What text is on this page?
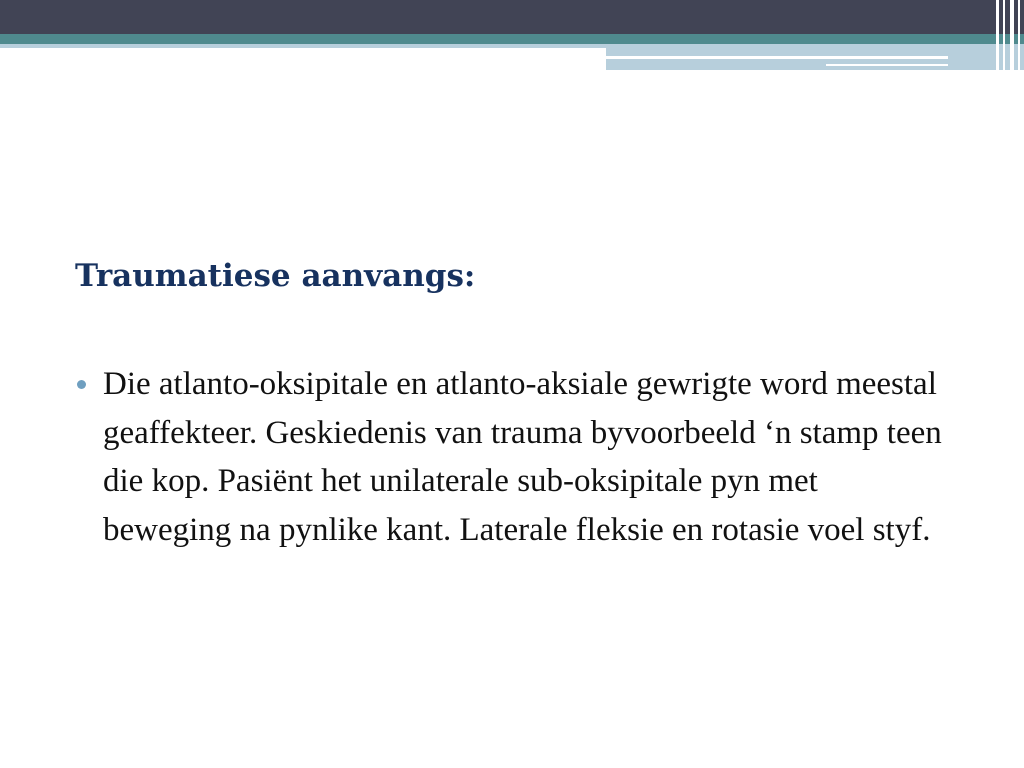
Traumatiese aanvangs:
Die atlanto-oksipitale en atlanto-aksiale gewrigte word meestal geaffekteer. Geskiedenis van trauma byvoorbeeld ‘n stamp teen die kop. Pasiënt het unilaterale sub-oksipitale pyn met beweging na pynlike kant. Laterale fleksie en rotasie voel styf.
